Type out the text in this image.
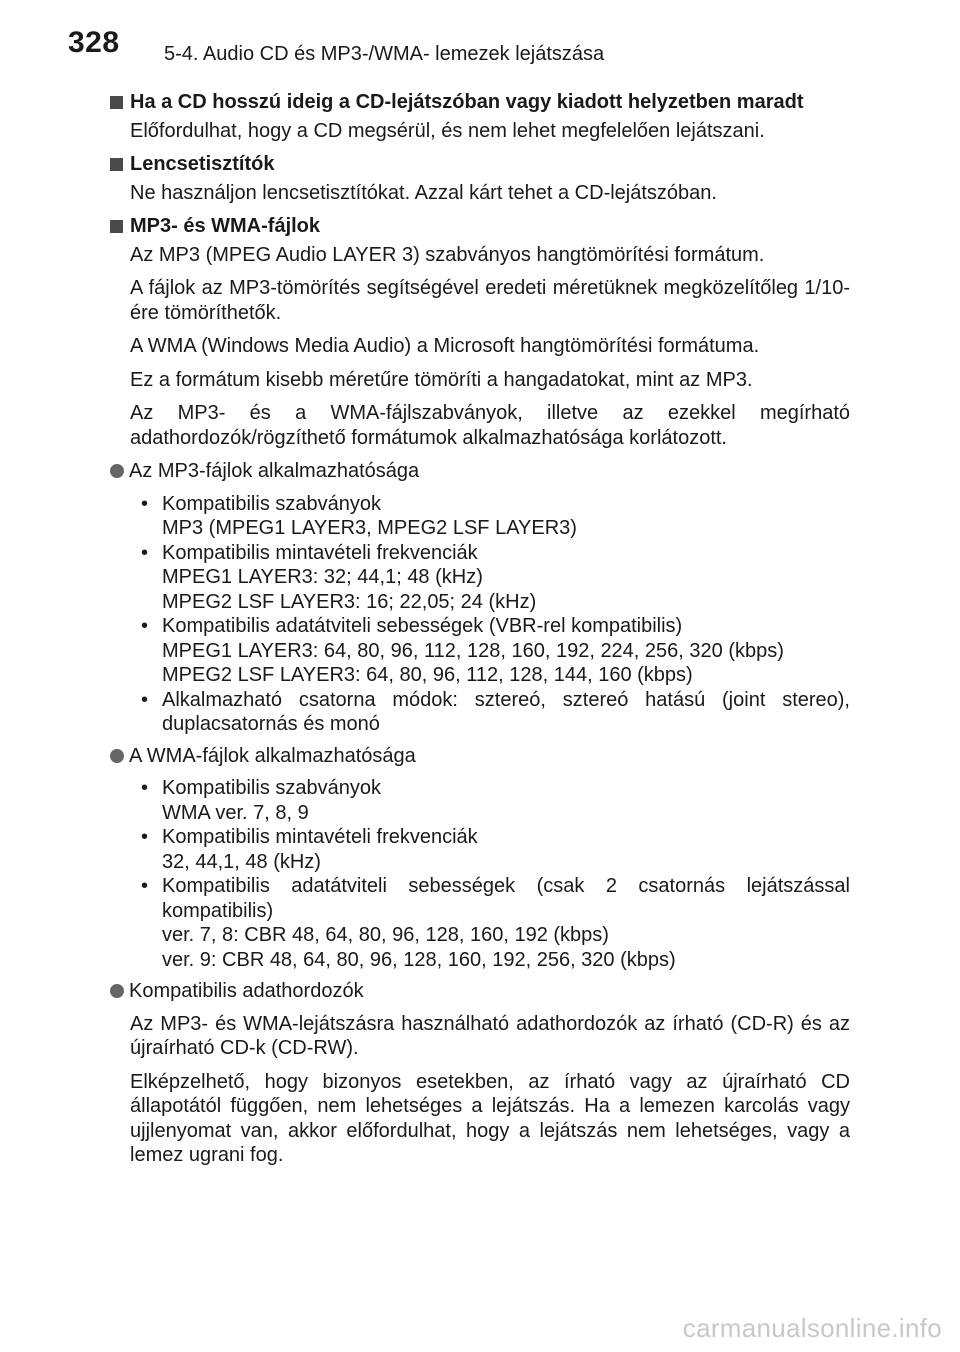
328 5-4. Audio CD és MP3-/WMA- lemezek lejátszása
Ha a CD hosszú ideig a CD-lejátszóban vagy kiadott helyzetben maradt

Előfordulhat, hogy a CD megsérül, és nem lehet megfelelően lejátszani.

Lencsetisztítók

Ne használjon lencsetisztítókat. Azzal kárt tehet a CD-lejátszóban.

MP3- és WMA-fájlok

Az MP3 (MPEG Audio LAYER 3) szabványos hangtömörítési formátum.

A fájlok az MP3-tömörítés segítségével eredeti méretüknek megközelítőleg 1/10-ére tömöríthetők.

A WMA (Windows Media Audio) a Microsoft hangtömörítési formátuma.

Ez a formátum kisebb méretűre tömöríti a hangadatokat, mint az MP3.

Az MP3- és a WMA-fájlszabványok, illetve az ezekkel megírható adathordozók/rögzíthető formátumok alkalmazhatósága korlátozott.

Az MP3-fájlok alkalmazhatósága
• Kompatibilis szabványok
MP3 (MPEG1 LAYER3, MPEG2 LSF LAYER3)
• Kompatibilis mintavételi frekvenciák
MPEG1 LAYER3: 32; 44,1; 48 (kHz)
MPEG2 LSF LAYER3: 16; 22,05; 24 (kHz)
• Kompatibilis adatátviteli sebességek (VBR-rel kompatibilis)
MPEG1 LAYER3: 64, 80, 96, 112, 128, 160, 192, 224, 256, 320 (kbps)
MPEG2 LSF LAYER3: 64, 80, 96, 112, 128, 144, 160 (kbps)
• Alkalmazható csatorna módok: sztereó, sztereó hatású (joint stereo), duplacsatornás és monó
A WMA-fájlok alkalmazhatósága
• Kompatibilis szabványok
WMA ver. 7, 8, 9
• Kompatibilis mintavételi frekvenciák
32, 44,1, 48 (kHz)
• Kompatibilis adatátviteli sebességek (csak 2 csatornás lejátszással kompatibilis)
ver. 7, 8: CBR 48, 64, 80, 96, 128, 160, 192 (kbps)
ver. 9: CBR 48, 64, 80, 96, 128, 160, 192, 256, 320 (kbps)
Kompatibilis adathordozók

Az MP3- és WMA-lejátszásra használható adathordozók az írható (CD-R) és az újraírható CD-k (CD-RW).

Elképzelhető, hogy bizonyos esetekben, az írható vagy az újraírható CD állapotától függően, nem lehetséges a lejátszás. Ha a lemezen karcolás vagy ujjlenyomat van, akkor előfordulhat, hogy a lejátszás nem lehetséges, vagy a lemez ugrani fog.

carmanualsonline.info
